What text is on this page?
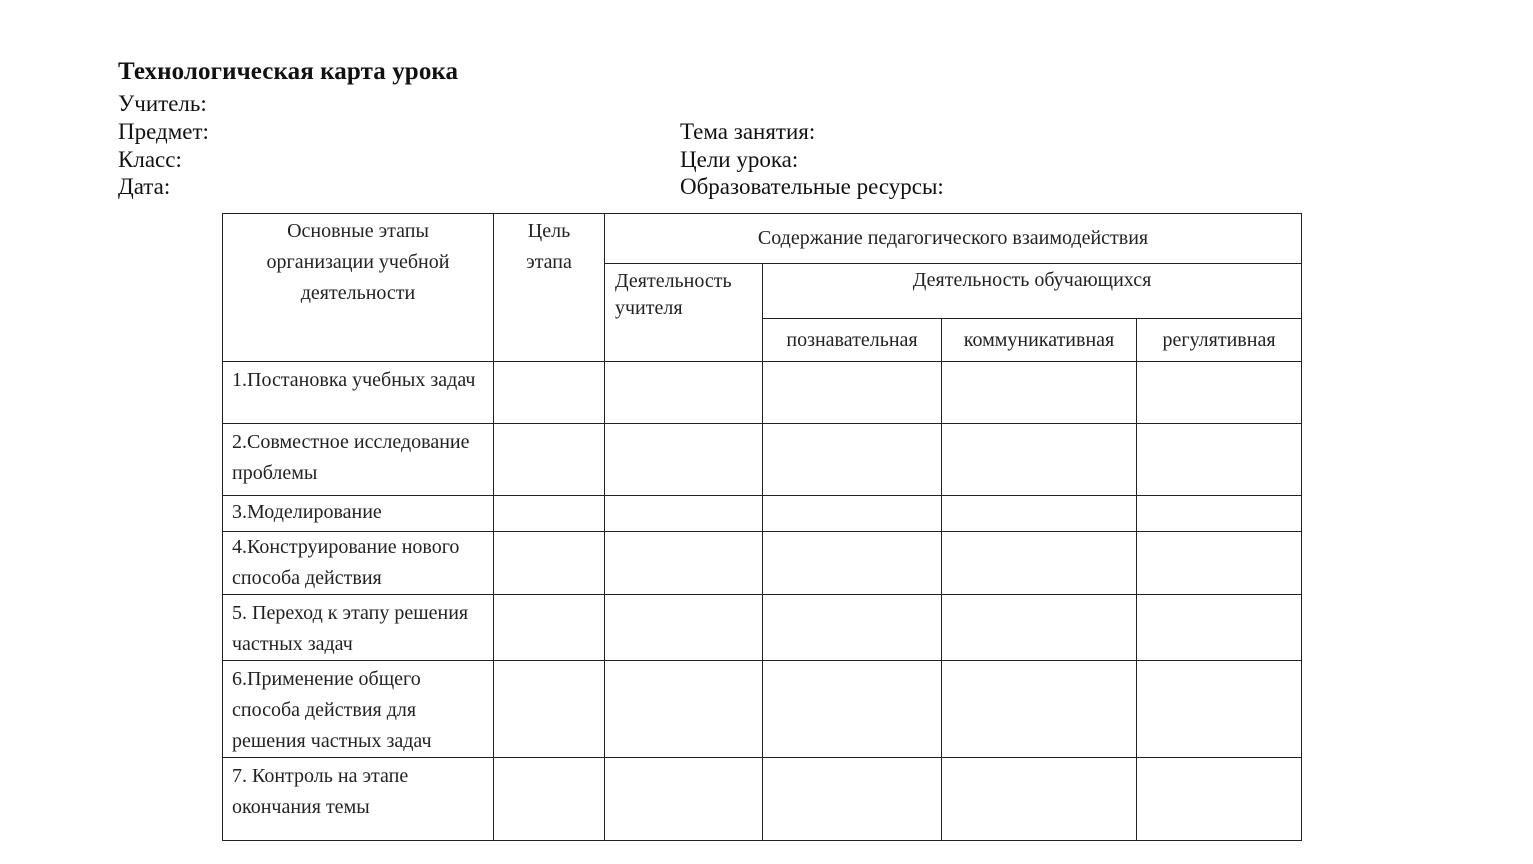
Технологическая карта урока
Учитель:
Предмет:
Класс:
Дата:
Тема занятия:
Цели урока:
Образовательные ресурсы:
Основные этапы организации учебной деятельности	Цель этапа	Содержание педагогического взаимодействия			
		Деятельность учителя	Деятельность обучающихся		
			познавательная	коммуникативная	регулятивная
1.Постановка учебных задач					
2.Совместное исследование проблемы					
3.Моделирование					
4.Конструирование нового способа действия					
5. Переход к этапу решения частных задач					
6.Применение общего способа действия для решения частных задач					
7. Контроль на этапе окончания темы					
